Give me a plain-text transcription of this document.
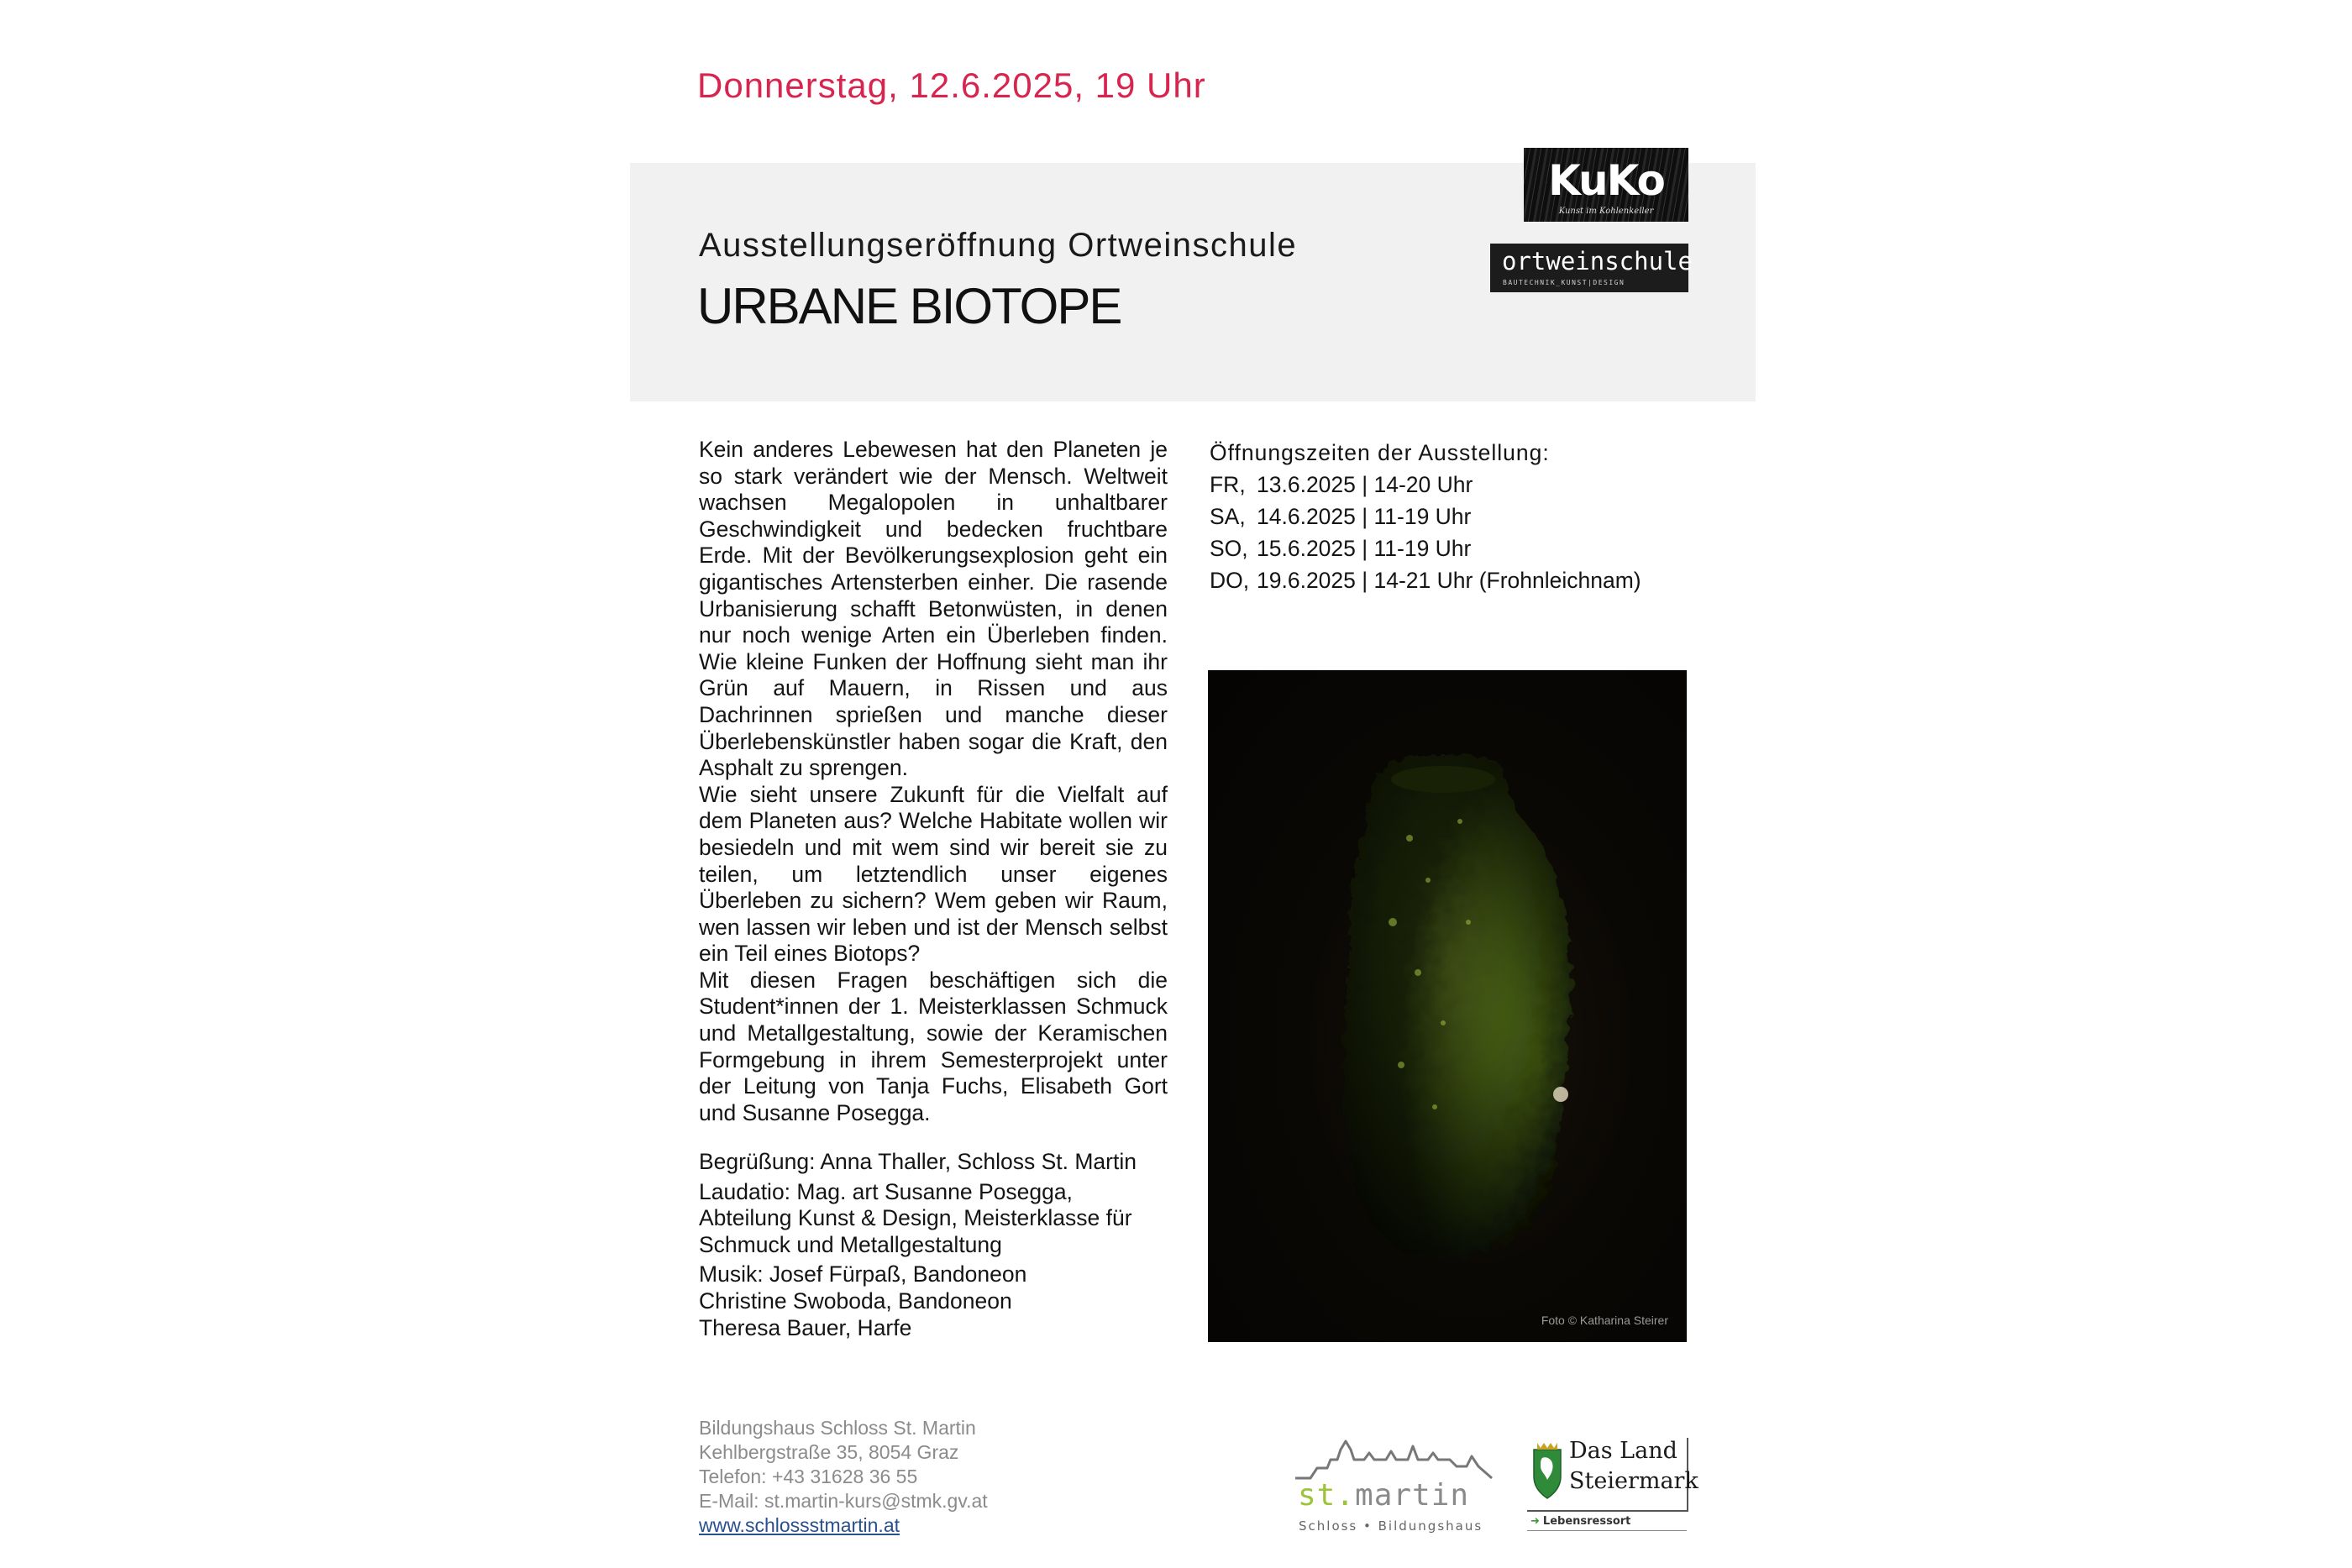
Donnerstag, 12.6.2025, 19 Uhr
Ausstellungseröffnung Ortweinschule
URBANE BIOTOPE
KuKo
Kunst im Kohlenkeller
ortweinschule
BAUTECHNIK_KUNST|DESIGN

Kein anderes Lebewesen hat den Planeten je so stark verändert wie der Mensch. Weltweit wachsen Megalopolen in unhaltbarer Geschwindigkeit und bedecken fruchtbare Erde. Mit der Bevölkerungsexplosion geht ein gigantisches Artensterben einher. Die rasende Urbanisierung schafft Betonwüsten, in denen nur noch wenige Arten ein Überleben finden. Wie kleine Funken der Hoffnung sieht man ihr Grün auf Mauern, in Rissen und aus Dachrinnen sprießen und manche dieser Überlebenskünstler haben sogar die Kraft, den Asphalt zu sprengen.

Wie sieht unsere Zukunft für die Vielfalt auf dem Planeten aus? Welche Habitate wollen wir besiedeln und mit wem sind wir bereit sie zu teilen, um letztendlich unser eigenes Überleben zu sichern? Wem geben wir Raum, wen lassen wir leben und ist der Mensch selbst ein Teil eines Biotops?

Mit diesen Fragen beschäftigen sich die Student*innen der 1. Meisterklassen Schmuck und Metallgestaltung, sowie der Keramischen Formgebung in ihrem Semesterprojekt unter der Leitung von Tanja Fuchs, Elisabeth Gort und Susanne Posegga.

Begrüßung: Anna Thaller, Schloss St. Martin
Laudatio: Mag. art Susanne Posegga,
Abteilung Kunst & Design, Meisterklasse für
Schmuck und Metallgestaltung
Musik: Josef Fürpaß, Bandoneon
Christine Swoboda, Bandoneon
Theresa Bauer, Harfe
Öffnungszeiten der Ausstellung:
FR, 13.6.2025 | 14-20 Uhr
SA, 14.6.2025 | 11-19 Uhr
SO, 15.6.2025 | 11-19 Uhr
DO, 19.6.2025 | 14-21 Uhr (Frohnleichnam)
Foto © Katharina Steirer
Bildungshaus Schloss St. Martin
Kehlbergstraße 35, 8054 Graz
Telefon: +43 31628 36 55
E-Mail: st.martin-kurs@stmk.gv.at
www.schlossstmartin.at
st.martin
Schloss • Bildungshaus
Das Land
Steiermark
➜ Lebensressort
